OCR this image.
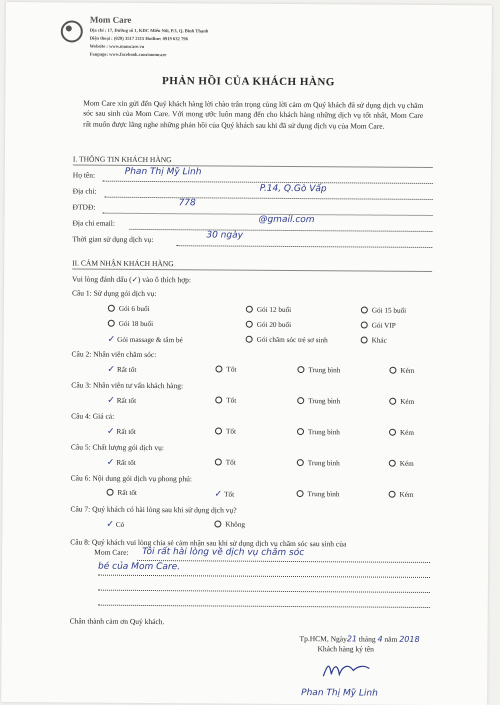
Mom Care
Địa chỉ : 17, Đường số 1, KDC Miếu Nổi, P.3, Q. Bình Thạnh
Điện thoại : (028) 3517 2115 Hotline: 0919 632 796
Website : www.momcare.vn
Fanpage: www.facebook.com/momcare
PHẢN HỒI CỦA KHÁCH HÀNG
Mom Care xin gửi đến Quý khách hàng lời chào trân trọng cùng lời cảm ơn Quý khách đã sử dụng dịch vụ chăm sóc sau sinh của Mom Care. Với mong ước luôn mang đến cho khách hàng những dịch vụ tốt nhất, Mom Care rất muốn được lắng nghe những phản hồi của Quý khách sau khi đã sử dụng dịch vụ của Mom Care.
I. THÔNG TIN KHÁCH HÀNG
Họ tên:	Phan Thị Mỹ Linh
Địa chỉ:	P.14, Q.Gò Vấp
ĐTDĐ:	778
Địa chỉ email:	@gmail.com
Thời gian sử dụng dịch vụ:	30 ngày
II. CẢM NHẬN KHÁCH HÀNG
Vui lòng đánh dấu (✓) vào ô thích hợp:
Câu 1: Sử dụng gói dịch vụ:
Gói 6 buổi	Gói 12 buổi	Gói 15 buổi
Gói 18 buổi	Gói 20 buổi	Gói VIP
✓ Gói massage & tắm bé	Gói chăm sóc trẻ sơ sinh	Khác
Câu 2: Nhân viên chăm sóc:
✓ Rất tốt	Tốt	Trung bình	Kém
Câu 3: Nhân viên tư vấn khách hàng:
✓ Rất tốt	Tốt	Trung bình	Kém
Câu 4: Giá cả:
✓ Rất tốt	Tốt	Trung bình	Kém
Câu 5: Chất lượng gói dịch vụ:
✓ Rất tốt	Tốt	Trung bình	Kém
Câu 6: Nội dung gói dịch vụ phong phú:
Rất tốt	✓ Tốt	Trung bình	Kém
Câu 7: Quý khách có hài lòng sau khi sử dụng dịch vụ?
✓ Có	Không
Câu 8: Quý khách vui lòng chia sẻ cảm nhận sau khi sử dụng dịch vụ chăm sóc sau sinh của
Mom Care: Tôi rất hài lòng về dịch vụ chăm sóc
bé của Mom Care.
Chân thành cảm ơn Quý khách.
Tp.HCM, Ngày21 tháng 4 năm 2018
Khách hàng ký tên
Phan Thị Mỹ Linh
